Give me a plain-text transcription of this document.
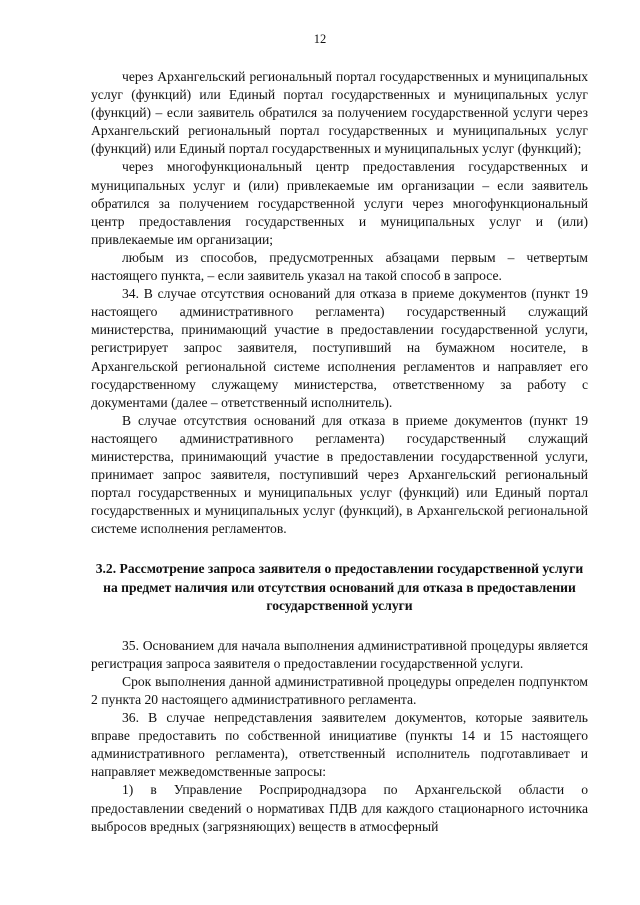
12

через Архангельский региональный портал государственных и муниципальных услуг (функций) или Единый портал государственных и муниципальных услуг (функций) – если заявитель обратился за получением государственной услуги через Архангельский региональный портал государственных и муниципальных услуг (функций) или Единый портал государственных и муниципальных услуг (функций);

через многофункциональный центр предоставления государственных и муниципальных услуг и (или) привлекаемые им организации – если заявитель обратился за получением государственной услуги через многофункциональный центр предоставления государственных и муниципальных услуг и (или) привлекаемые им организации;

любым из способов, предусмотренных абзацами первым – четвертым настоящего пункта, – если заявитель указал на такой способ в запросе.

34. В случае отсутствия оснований для отказа в приеме документов (пункт 19 настоящего административного регламента) государственный служащий министерства, принимающий участие в предоставлении государственной услуги, регистрирует запрос заявителя, поступивший на бумажном носителе, в Архангельской региональной системе исполнения регламентов и направляет его государственному служащему министерства, ответственному за работу с документами (далее – ответственный исполнитель).

В случае отсутствия оснований для отказа в приеме документов (пункт 19 настоящего административного регламента) государственный служащий министерства, принимающий участие в предоставлении государственной услуги, принимает запрос заявителя, поступивший через Архангельский региональный портал государственных и муниципальных услуг (функций) или Единый портал государственных и муниципальных услуг (функций), в Архангельской региональной системе исполнения регламентов.

3.2. Рассмотрение запроса заявителя о предоставлении государственной услуги на предмет наличия или отсутствия оснований для отказа в предоставлении государственной услуги

35. Основанием для начала выполнения административной процедуры является регистрация запроса заявителя о предоставлении государственной услуги.

Срок выполнения данной административной процедуры определен подпунктом 2 пункта 20 настоящего административного регламента.

36. В случае непредставления заявителем документов, которые заявитель вправе предоставить по собственной инициативе (пункты 14 и 15 настоящего административного регламента), ответственный исполнитель подготавливает и направляет межведомственные запросы:

1) в Управление Росприроднадзора по Архангельской области о предоставлении сведений о нормативах ПДВ для каждого стационарного источника выбросов вредных (загрязняющих) веществ в атмосферный
